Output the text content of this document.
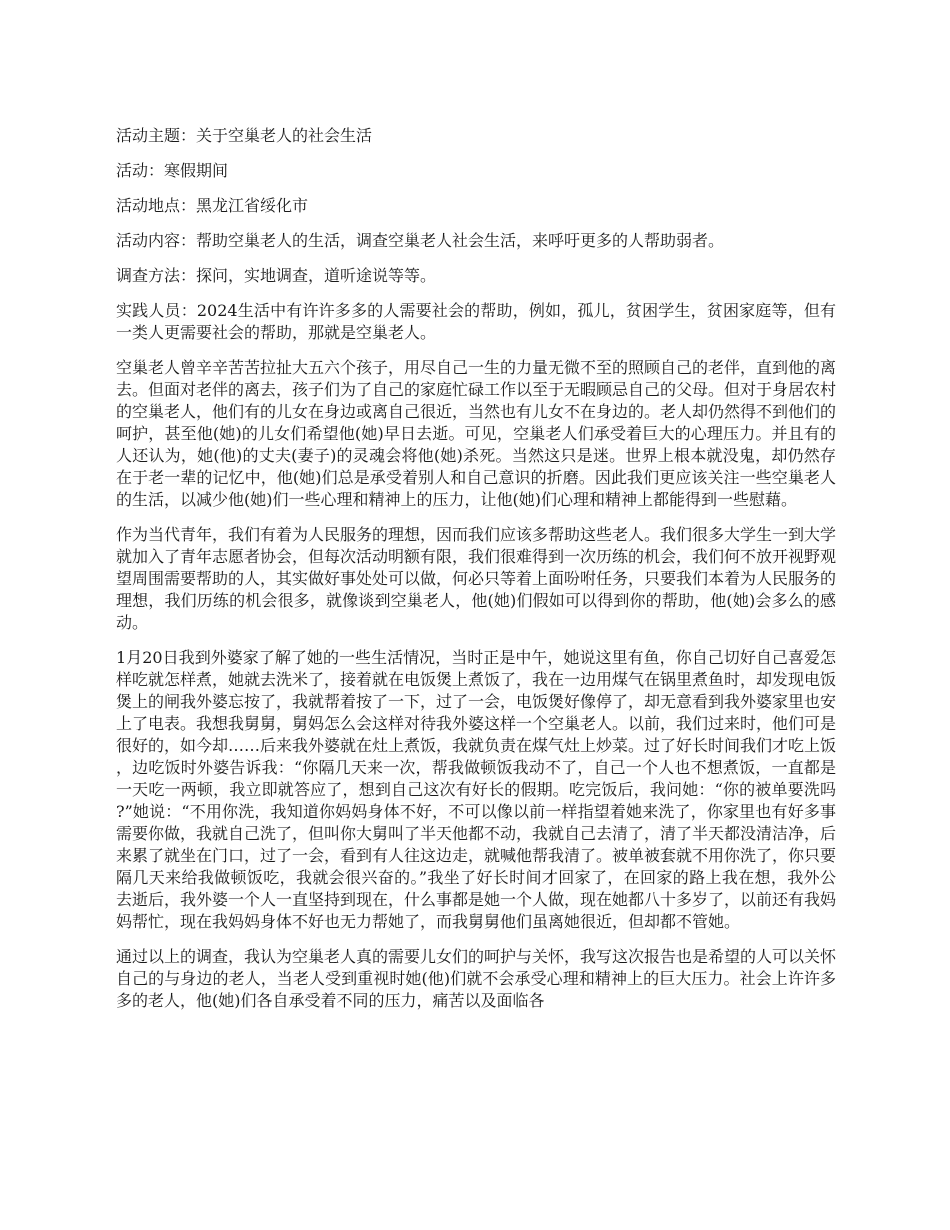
活动主题：关于空巢老人的社会生活

活动：寒假期间

活动地点：黑龙江省绥化市

活动内容：帮助空巢老人的生活，调查空巢老人社会生活，来呼吁更多的人帮助弱者。

调查方法：探问，实地调查，道听途说等等。

实践人员：2024生活中有许许多多的人需要社会的帮助，例如，孤儿，贫困学生，贫困家庭等，但有一类人更需要社会的帮助，那就是空巢老人。

空巢老人曾辛辛苦苦拉扯大五六个孩子，用尽自己一生的力量无微不至的照顾自己的老伴，直到他的离去。但面对老伴的离去，孩子们为了自己的家庭忙碌工作以至于无暇顾忌自己的父母。但对于身居农村的空巢老人，他们有的儿女在身边或离自己很近，当然也有儿女不在身边的。老人却仍然得不到他们的呵护，甚至他(她)的儿女们希望他(她)早日去逝。可见，空巢老人们承受着巨大的心理压力。并且有的人还认为，她(他)的丈夫(妻子)的灵魂会将他(她)杀死。当然这只是迷。世界上根本就没鬼，却仍然存在于老一辈的记忆中，他(她)们总是承受着别人和自己意识的折磨。因此我们更应该关注一些空巢老人的生活，以减少他(她)们一些心理和精神上的压力，让他(她)们心理和精神上都能得到一些慰藉。

作为当代青年，我们有着为人民服务的理想，因而我们应该多帮助这些老人。我们很多大学生一到大学就加入了青年志愿者协会，但每次活动明额有限，我们很难得到一次历练的机会，我们何不放开视野观望周围需要帮助的人，其实做好事处处可以做，何必只等着上面吩咐任务，只要我们本着为人民服务的理想，我们历练的机会很多，就像谈到空巢老人，他(她)们假如可以得到你的帮助，他(她)会多么的感动。

1月20日我到外婆家了解了她的一些生活情况，当时正是中午，她说这里有鱼，你自己切好自己喜爱怎样吃就怎样煮，她就去洗米了，接着就在电饭煲上煮饭了，我在一边用煤气在锅里煮鱼时，却发现电饭煲上的闸我外婆忘按了，我就帮着按了一下，过了一会，电饭煲好像停了，却无意看到我外婆家里也安上了电表。我想我舅舅，舅妈怎么会这样对待我外婆这样一个空巢老人。以前，我们过来时，他们可是很好的，如今却……后来我外婆就在灶上煮饭，我就负责在煤气灶上炒菜。过了好长时间我们才吃上饭，边吃饭时外婆告诉我：“你隔几天来一次，帮我做顿饭我动不了，自己一个人也不想煮饭，一直都是一天吃一两顿，我立即就答应了，想到自己这次有好长的假期。吃完饭后，我问她：“你的被单要洗吗?”她说：“不用你洗，我知道你妈妈身体不好，不可以像以前一样指望着她来洗了，你家里也有好多事需要你做，我就自己洗了，但叫你大舅叫了半天他都不动，我就自己去清了，清了半天都没清洁净，后来累了就坐在门口，过了一会，看到有人往这边走，就喊他帮我清了。被单被套就不用你洗了，你只要隔几天来给我做顿饭吃，我就会很兴奋的。”我坐了好长时间才回家了，在回家的路上我在想，我外公去逝后，我外婆一个人一直坚持到现在，什么事都是她一个人做，现在她都八十多岁了，以前还有我妈妈帮忙，现在我妈妈身体不好也无力帮她了，而我舅舅他们虽离她很近，但却都不管她。

通过以上的调查，我认为空巢老人真的需要儿女们的呵护与关怀，我写这次报告也是希望的人可以关怀自己的与身边的老人，当老人受到重视时她(他)们就不会承受心理和精神上的巨大压力。社会上许许多多的老人，他(她)们各自承受着不同的压力，痛苦以及面临各
